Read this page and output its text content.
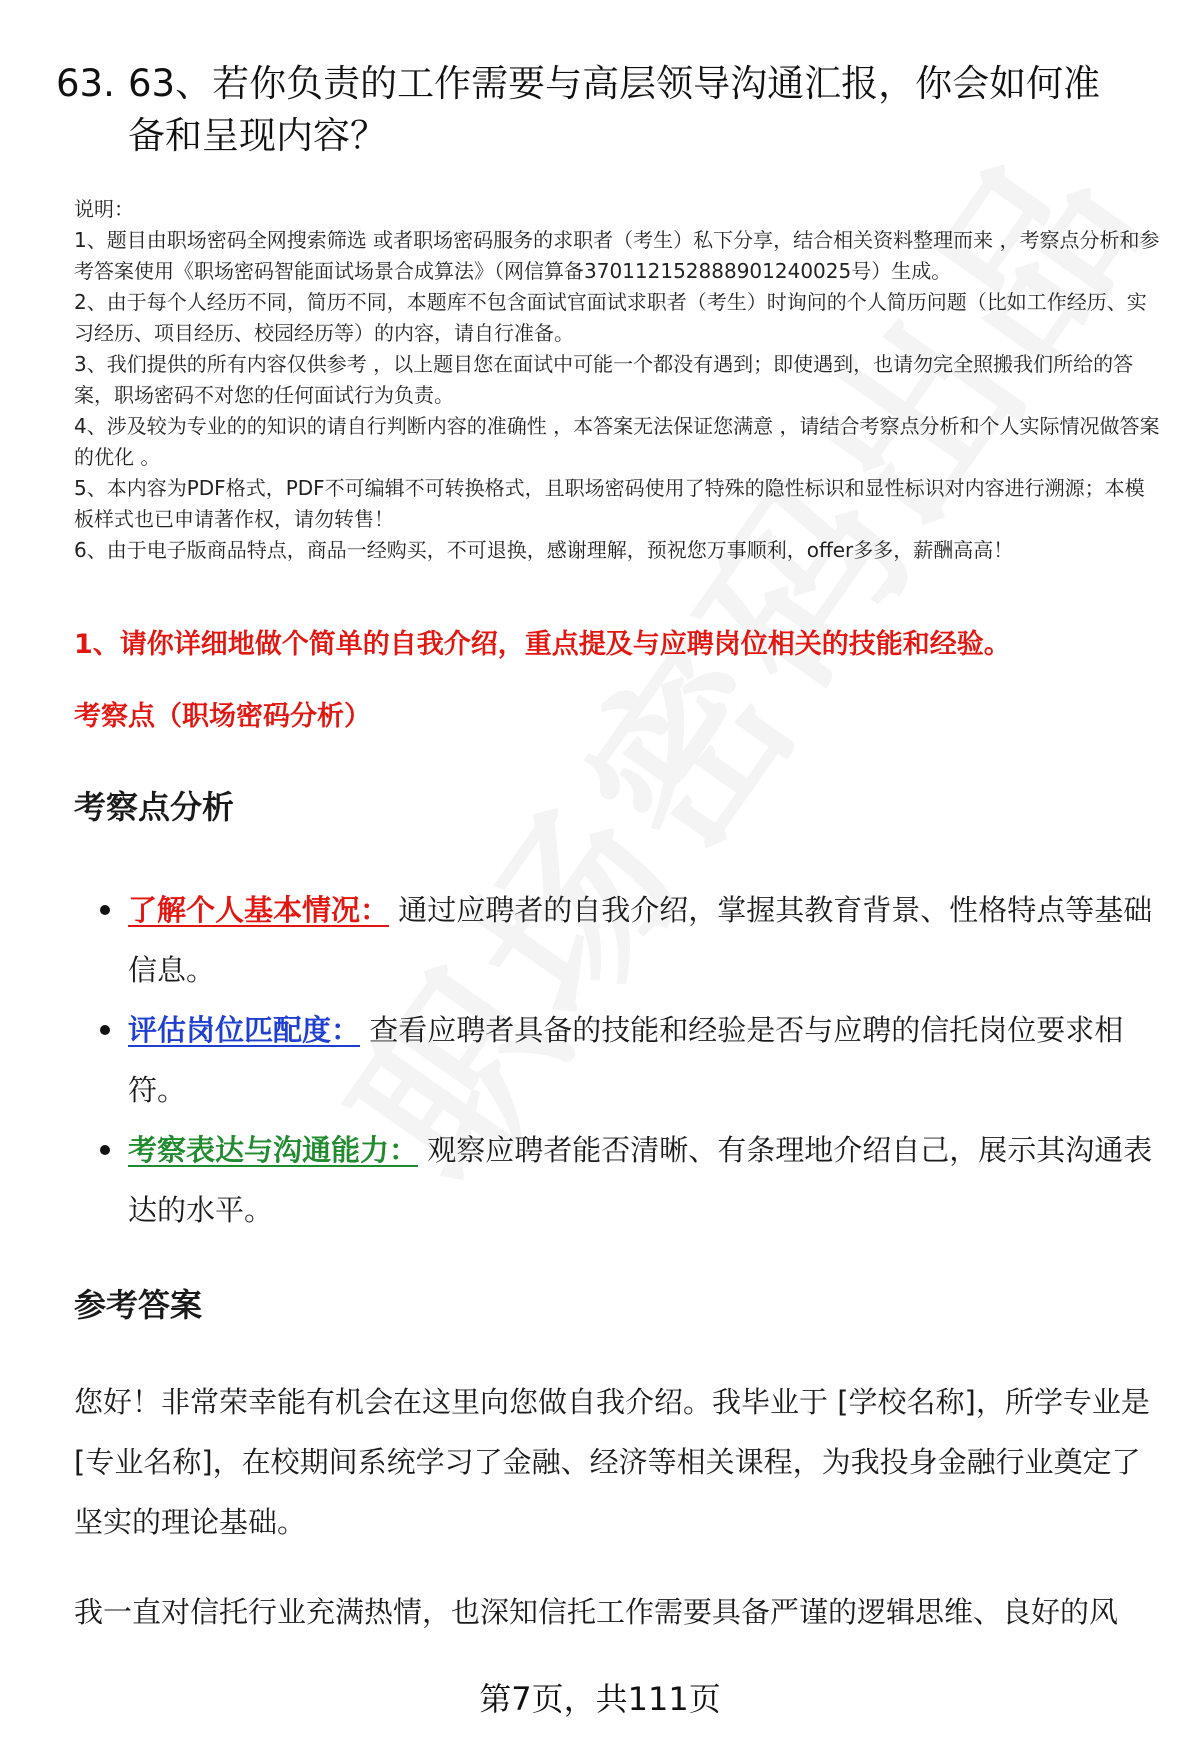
63. 63、若你负责的工作需要与高层领导沟通汇报，你会如何准备和呈现内容？

说明：

1、题目由职场密码全网搜索筛选 或者职场密码服务的求职者（考生）私下分享，结合相关资料整理而来 ，考察点分析和参考答案使用《职场密码智能面试场景合成算法》（网信算备370112152888901240025号）生成。

2、由于每个人经历不同，简历不同，本题库不包含面试官面试求职者（考生）时询问的个人简历问题（比如工作经历、实习经历、项目经历、校园经历等）的内容，请自行准备。

3、我们提供的所有内容仅供参考 ，以上题目您在面试中可能一个都没有遇到；即使遇到，也请勿完全照搬我们所给的答案，职场密码不对您的任何面试行为负责。

4、涉及较为专业的的知识的请自行判断内容的准确性 ，本答案无法保证您满意 ，请结合考察点分析和个人实际情况做答案的优化 。

5、本内容为PDF格式，PDF不可编辑不可转换格式，且职场密码使用了特殊的隐性标识和显性标识对内容进行溯源；本模板样式也已申请著作权，请勿转售！

6、由于电子版商品特点，商品一经购买，不可退换，感谢理解，预祝您万事顺利，offer多多，薪酬高高！

1、请你详细地做个简单的自我介绍，重点提及与应聘岗位相关的技能和经验。
考察点（职场密码分析）
考察点分析
了解个人基本情况： 通过应聘者的自我介绍，掌握其教育背景、性格特点等基础信息。
评估岗位匹配度： 查看应聘者具备的技能和经验是否与应聘的信托岗位要求相符。
考察表达与沟通能力： 观察应聘者能否清晰、有条理地介绍自己，展示其沟通表达的水平。
参考答案

您好！非常荣幸能有机会在这里向您做自我介绍。我毕业于 [学校名称]，所学专业是 [专业名称]，在校期间系统学习了金融、经济等相关课程，为我投身金融行业奠定了坚实的理论基础。

我一直对信托行业充满热情，也深知信托工作需要具备严谨的逻辑思维、良好的风

第7页，共111页
